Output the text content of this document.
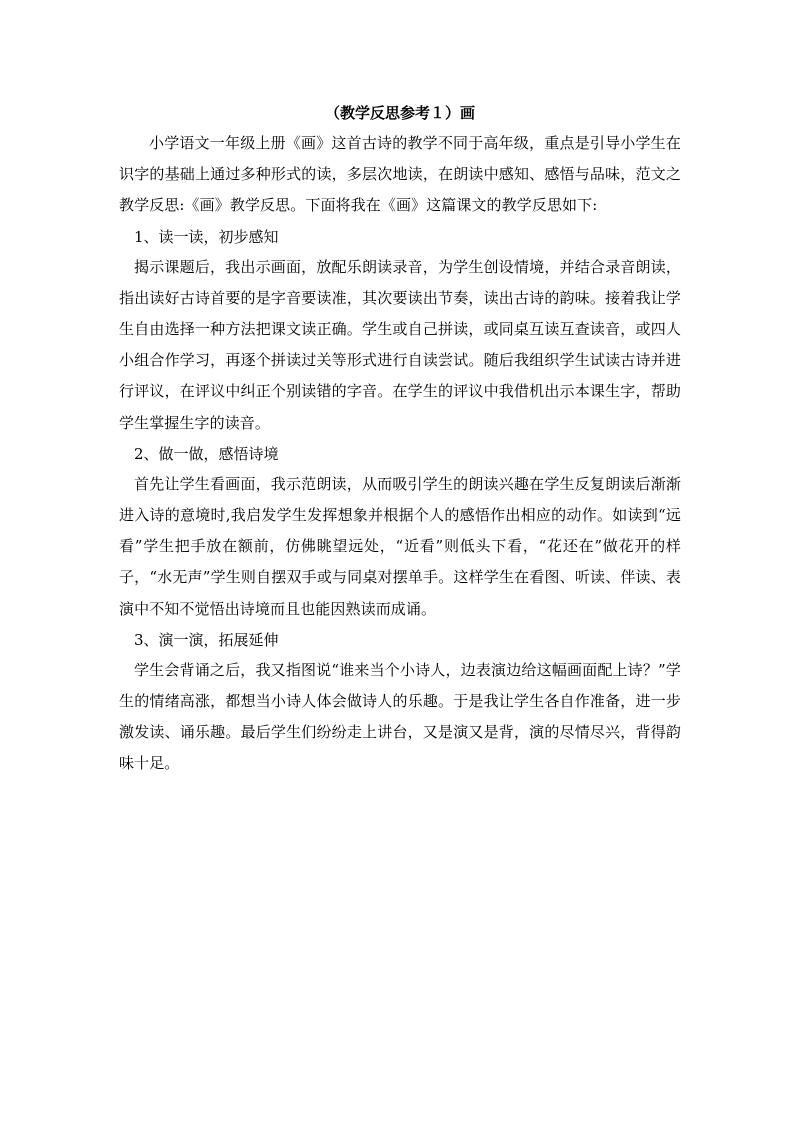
（教学反思参考１）画

小学语文一年级上册《画》这首古诗的教学不同于高年级，重点是引导小学生在识字的基础上通过多种形式的读，多层次地读，在朗读中感知、感悟与品味，范文之教学反思:《画》教学反思。下面将我在《画》这篇课文的教学反思如下:

1、读一读，初步感知

揭示课题后，我出示画面，放配乐朗读录音，为学生创设情境，并结合录音朗读，指出读好古诗首要的是字音要读准，其次要读出节奏，读出古诗的韵味。接着我让学生自由选择一种方法把课文读正确。学生或自己拼读，或同桌互读互查读音，或四人小组合作学习，再逐个拼读过关等形式进行自读尝试。随后我组织学生试读古诗并进行评议，在评议中纠正个别读错的字音。在学生的评议中我借机出示本课生字，帮助学生掌握生字的读音。

2、做一做，感悟诗境

首先让学生看画面，我示范朗读，从而吸引学生的朗读兴趣在学生反复朗读后渐渐进入诗的意境时,我启发学生发挥想象并根据个人的感悟作出相应的动作。如读到“远看”学生把手放在额前，仿佛眺望远处，“近看”则低头下看，“花还在”做花开的样子，“水无声”学生则自摆双手或与同桌对摆单手。这样学生在看图、听读、伴读、表演中不知不觉悟出诗境而且也能因熟读而成诵。

3、演一演，拓展延伸

学生会背诵之后，我又指图说“谁来当个小诗人，边表演边给这幅画面配上诗？”学生的情绪高涨，都想当小诗人体会做诗人的乐趣。于是我让学生各自作准备，进一步激发读、诵乐趣。最后学生们纷纷走上讲台，又是演又是背，演的尽情尽兴，背得韵味十足。
